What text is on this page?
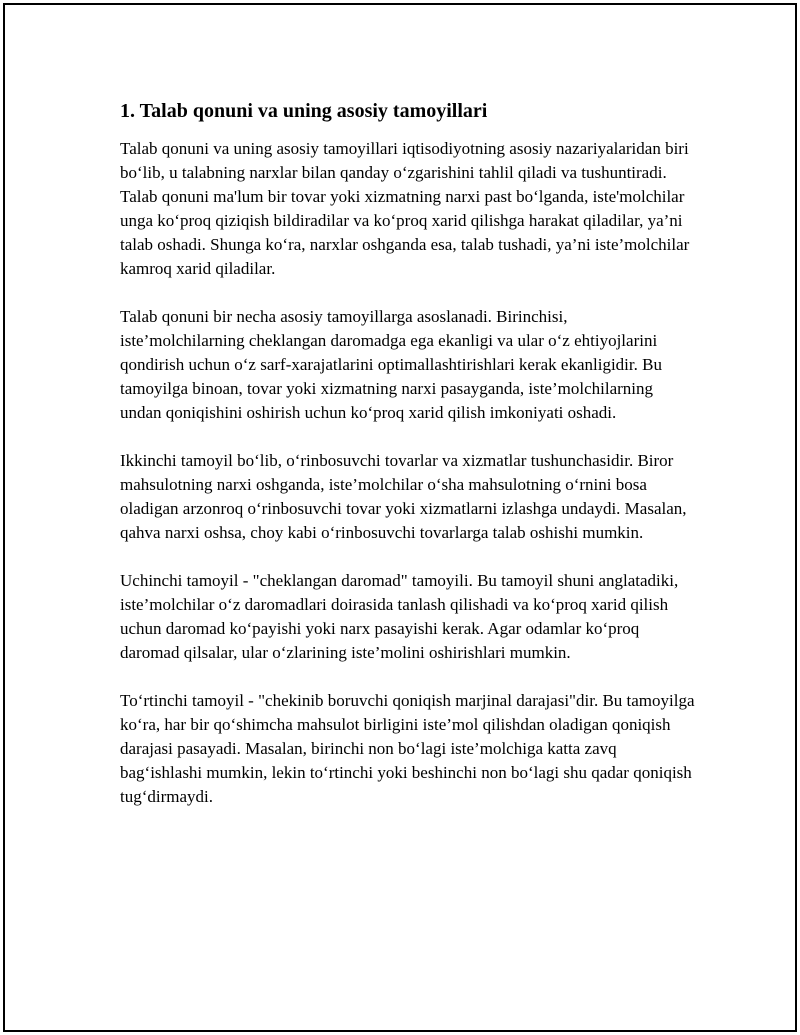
1. Talab qonuni va uning asosiy tamoyillari

Talab qonuni va uning asosiy tamoyillari iqtisodiyotning asosiy nazariyalaridan biri bo‘lib, u talabning narxlar bilan qanday o‘zgarishini tahlil qiladi va tushuntiradi. Talab qonuni ma'lum bir tovar yoki xizmatning narxi past bo‘lganda, iste'molchilar unga ko‘proq qiziqish bildiradilar va ko‘proq xarid qilishga harakat qiladilar, ya’ni talab oshadi. Shunga ko‘ra, narxlar oshganda esa, talab tushadi, ya’ni iste’molchilar kamroq xarid qiladilar.

Talab qonuni bir necha asosiy tamoyillarga asoslanadi. Birinchisi, iste’molchilarning cheklangan daromadga ega ekanligi va ular o‘z ehtiyojlarini qondirish uchun o‘z sarf-xarajatlarini optimallashtirishlari kerak ekanligidir. Bu tamoyilga binoan, tovar yoki xizmatning narxi pasayganda, iste’molchilarning undan qoniqishini oshirish uchun ko‘proq xarid qilish imkoniyati oshadi.

Ikkinchi tamoyil bo‘lib, o‘rinbosuvchi tovarlar va xizmatlar tushunchasidir. Biror mahsulotning narxi oshganda, iste’molchilar o‘sha mahsulotning o‘rnini bosa oladigan arzonroq o‘rinbosuvchi tovar yoki xizmatlarni izlashga undaydi. Masalan, qahva narxi oshsa, choy kabi o‘rinbosuvchi tovarlarga talab oshishi mumkin.

Uchinchi tamoyil - "cheklangan daromad" tamoyili. Bu tamoyil shuni anglatadiki, iste’molchilar o‘z daromadlari doirasida tanlash qilishadi va ko‘proq xarid qilish uchun daromad ko‘payishi yoki narx pasayishi kerak. Agar odamlar ko‘proq daromad qilsalar, ular o‘zlarining iste’molini oshirishlari mumkin.

To‘rtinchi tamoyil - "chekinib boruvchi qoniqish marjinal darajasi"dir. Bu tamoyilga ko‘ra, har bir qo‘shimcha mahsulot birligini iste’mol qilishdan oladigan qoniqish darajasi pasayadi. Masalan, birinchi non bo‘lagi iste’molchiga katta zavq bag‘ishlashi mumkin, lekin to‘rtinchi yoki beshinchi non bo‘lagi shu qadar qoniqish tug‘dirmaydi.
